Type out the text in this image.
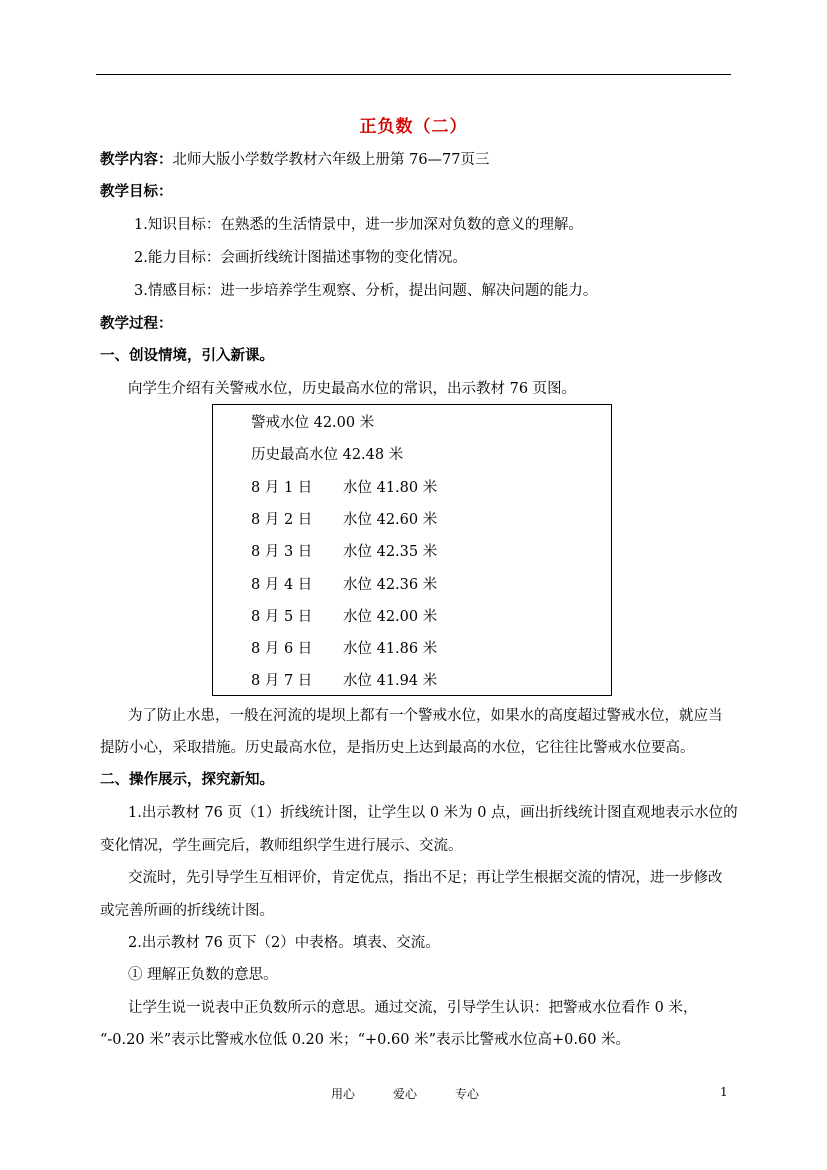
正负数（二）
教学内容：北师大版小学数学教材六年级上册第 76—77页三
教学目标：
1.知识目标：在熟悉的生活情景中，进一步加深对负数的意义的理解。
2.能力目标：会画折线统计图描述事物的变化情况。
3.情感目标：进一步培养学生观察、分析，提出问题、解决问题的能力。
教学过程：
一、创设情境，引入新课。
向学生介绍有关警戒水位，历史最高水位的常识，出示教材 76 页图。
警戒水位 42.00 米
历史最高水位 42.48 米
8 月 1 日 水位 41.80 米
8 月 2 日 水位 42.60 米
8 月 3 日 水位 42.35 米
8 月 4 日 水位 42.36 米
8 月 5 日 水位 42.00 米
8 月 6 日 水位 41.86 米
8 月 7 日 水位 41.94 米
为了防止水患，一般在河流的堤坝上都有一个警戒水位，如果水的高度超过警戒水位，就应当
提防小心，采取措施。历史最高水位，是指历史上达到最高的水位，它往往比警戒水位要高。
二、操作展示，探究新知。
1.出示教材 76 页（1）折线统计图，让学生以 0 米为 0 点，画出折线统计图直观地表示水位的
变化情况，学生画完后，教师组织学生进行展示、交流。
交流时，先引导学生互相评价，肯定优点，指出不足；再让学生根据交流的情况，进一步修改
或完善所画的折线统计图。
2.出示教材 76 页下（2）中表格。填表、交流。
① 理解正负数的意思。
让学生说一说表中正负数所示的意思。通过交流，引导学生认识：把警戒水位看作 0 米，
“-0.20 米”表示比警戒水位低 0.20 米；“+0.60 米”表示比警戒水位高+0.60 米。
用心	爱心	专心	1
